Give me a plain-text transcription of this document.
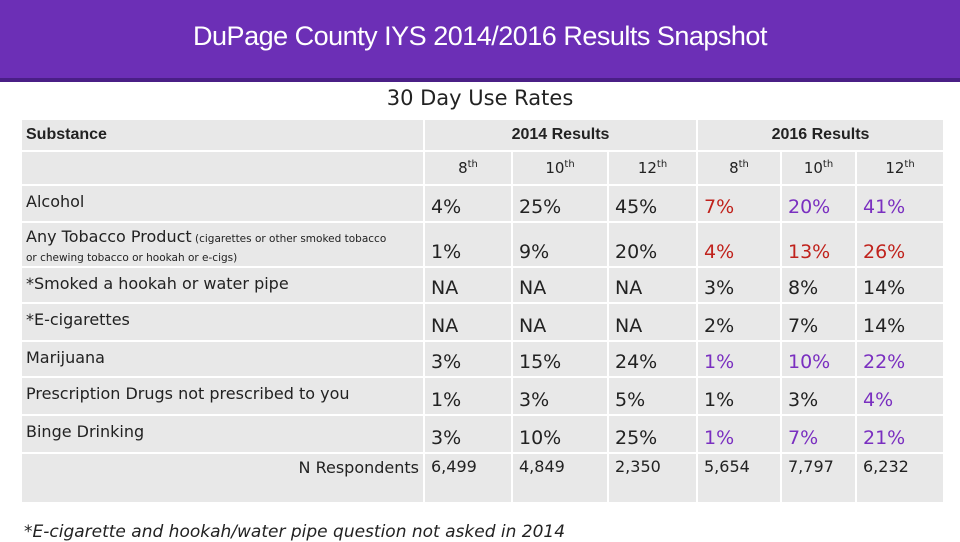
DuPage County IYS 2014/2016 Results Snapshot
30 Day Use Rates
Substance	2014 Results			2016 Results		
	8th	10th	12th	8th	10th	12th
Alcohol	4%	25%	45%	7%	20%	41%
Any Tobacco Product (cigarettes or other smoked tobacco
or chewing tobacco or hookah or e-cigs)	1%	9%	20%	4%	13%	26%
*Smoked a hookah or water pipe	NA	NA	NA	3%	8%	14%
*E-cigarettes	NA	NA	NA	2%	7%	14%
Marijuana	3%	15%	24%	1%	10%	22%
Prescription Drugs not prescribed to you	1%	3%	5%	1%	3%	4%
Binge Drinking	3%	10%	25%	1%	7%	21%
N Respondents	6,499	4,849	2,350	5,654	7,797	6,232
*E-cigarette and hookah/water pipe question not asked in 2014
